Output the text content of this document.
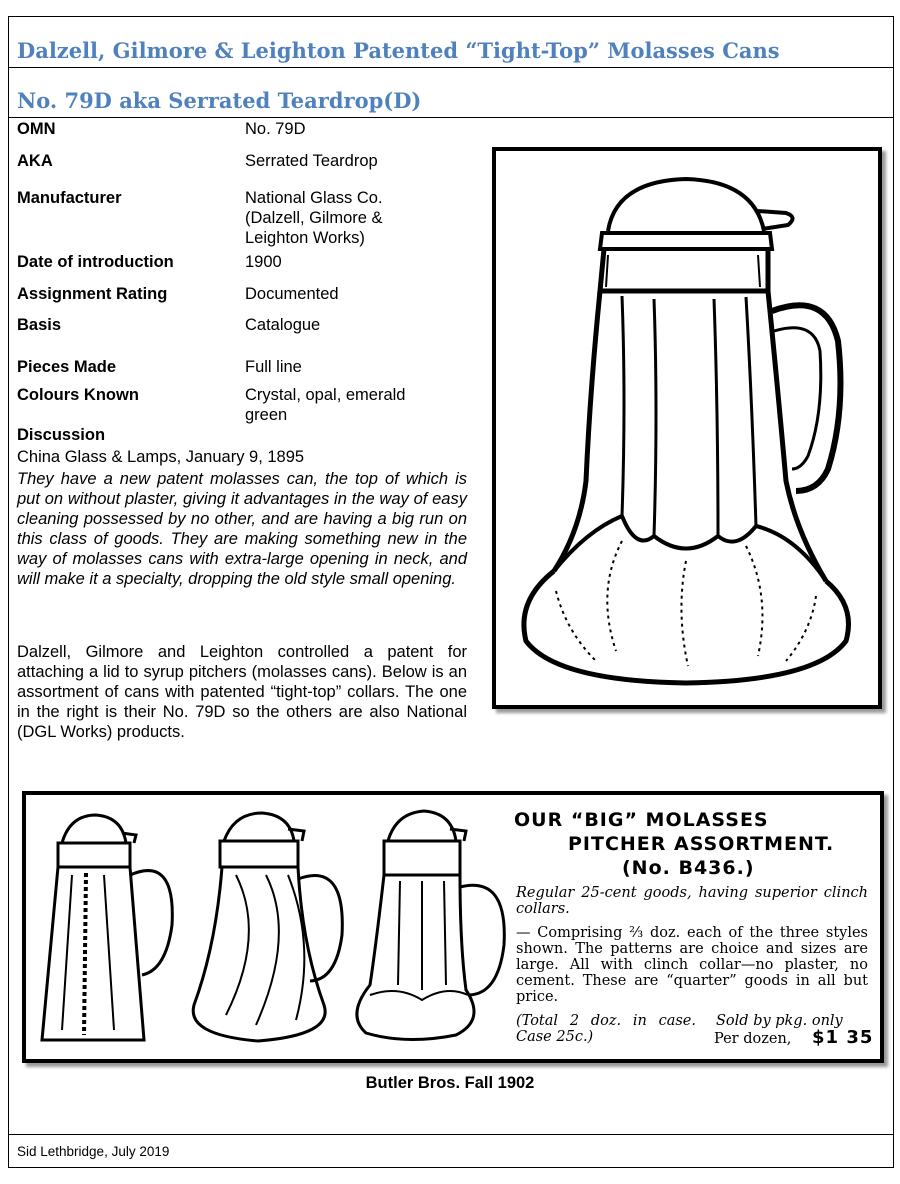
Dalzell, Gilmore & Leighton Patented “Tight-Top” Molasses Cans
No. 79D aka Serrated Teardrop(D)
OMN	No. 79D
AKA	Serrated Teardrop
Manufacturer	National Glass Co. (Dalzell, Gilmore & Leighton Works)
Date of introduction	1900
Assignment Rating	Documented
Basis	Catalogue
Pieces Made	Full line
Colours Known	Crystal, opal, emerald green
Discussion
China Glass & Lamps, January 9, 1895
They have a new patent molasses can, the top of which is put on without plaster, giving it advantages in the way of easy cleaning possessed by no other, and are having a big run on this class of goods. They are making something new in the way of molasses cans with extra-large opening in neck, and will make it a specialty, dropping the old style small opening.
Dalzell, Gilmore and Leighton controlled a patent for attaching a lid to syrup pitchers (molasses cans). Below is an assortment of cans with patented “tight-top” collars. The one in the right is their No. 79D so the others are also National (DGL Works) products.
OUR “BIG” MOLASSES
PITCHER ASSORTMENT.
(No. B436.)
Regular 25-cent goods, having superior clinch collars.
— Comprising ⅔ doz. each of the three styles shown. The patterns are choice and sizes are large. All with clinch collar—no plaster, no cement. These are “quarter” goods in all but price.
(Total 2 doz. in case. Case 25c.)
Sold by pkg. only
Per dozen, $1 35
Butler Bros. Fall 1902
Sid Lethbridge, July 2019
